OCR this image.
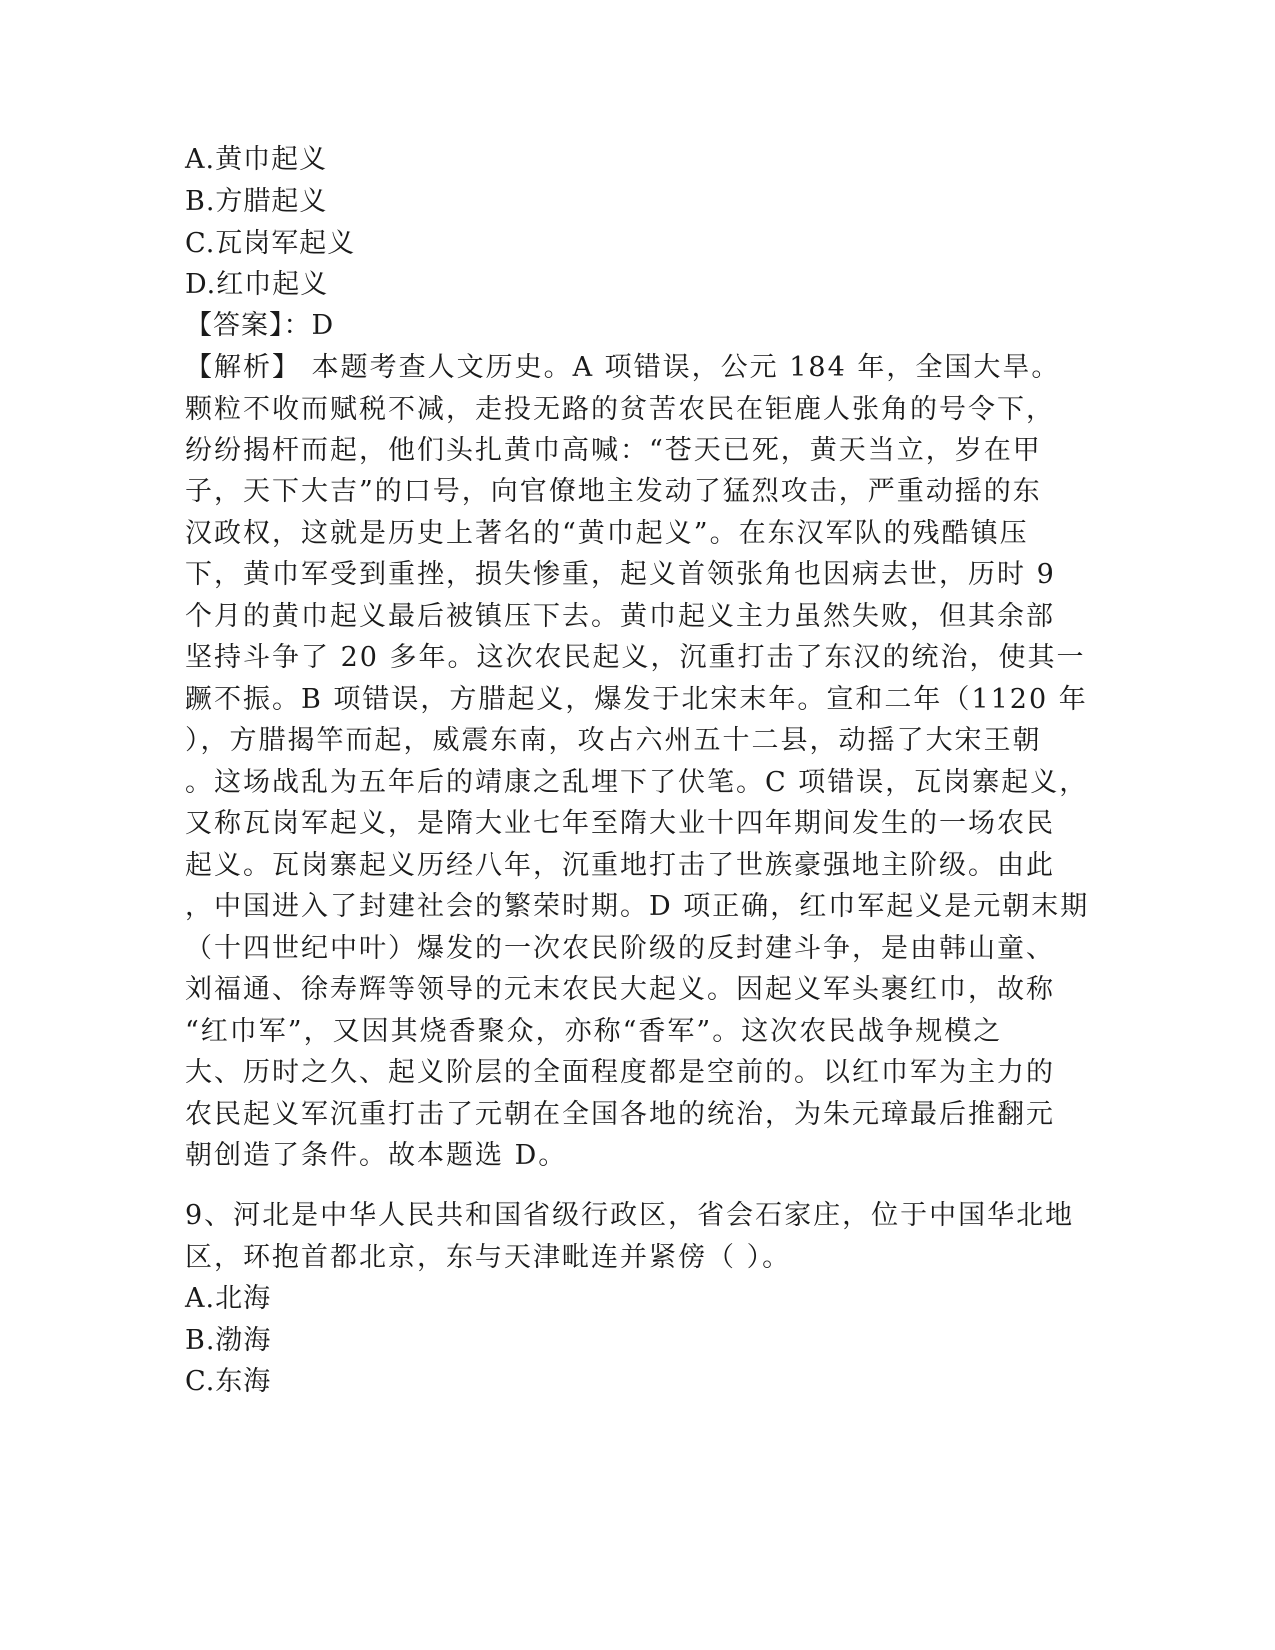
A.黄巾起义
B.方腊起义
C.瓦岗军起义
D.红巾起义
【答案】：D
【解析】 本题考查人文历史。A 项错误，公元 184 年，全国大旱。
颗粒不收而赋税不减，走投无路的贫苦农民在钜鹿人张角的号令下，
纷纷揭杆而起，他们头扎黄巾高喊：“苍天已死，黄天当立，岁在甲
子，天下大吉”的口号，向官僚地主发动了猛烈攻击，严重动摇的东
汉政权，这就是历史上著名的“黄巾起义”。在东汉军队的残酷镇压
下，黄巾军受到重挫，损失惨重，起义首领张角也因病去世，历时 9
个月的黄巾起义最后被镇压下去。黄巾起义主力虽然失败，但其余部
坚持斗争了 20 多年。这次农民起义，沉重打击了东汉的统治，使其一
蹶不振。B 项错误，方腊起义，爆发于北宋末年。宣和二年（1120 年
），方腊揭竿而起，威震东南，攻占六州五十二县，动摇了大宋王朝
。这场战乱为五年后的靖康之乱埋下了伏笔。C 项错误，瓦岗寨起义，
又称瓦岗军起义，是隋大业七年至隋大业十四年期间发生的一场农民
起义。瓦岗寨起义历经八年，沉重地打击了世族豪强地主阶级。由此
，中国进入了封建社会的繁荣时期。D 项正确，红巾军起义是元朝末期
（十四世纪中叶）爆发的一次农民阶级的反封建斗争，是由韩山童、
刘福通、徐寿辉等领导的元末农民大起义。因起义军头裹红巾，故称
“红巾军”，又因其烧香聚众，亦称“香军”。这次农民战争规模之
大、历时之久、起义阶层的全面程度都是空前的。以红巾军为主力的
农民起义军沉重打击了元朝在全国各地的统治，为朱元璋最后推翻元
朝创造了条件。故本题选 D。
9、河北是中华人民共和国省级行政区，省会石家庄，位于中国华北地
区，环抱首都北京，东与天津毗连并紧傍（ ）。
A.北海
B.渤海
C.东海
